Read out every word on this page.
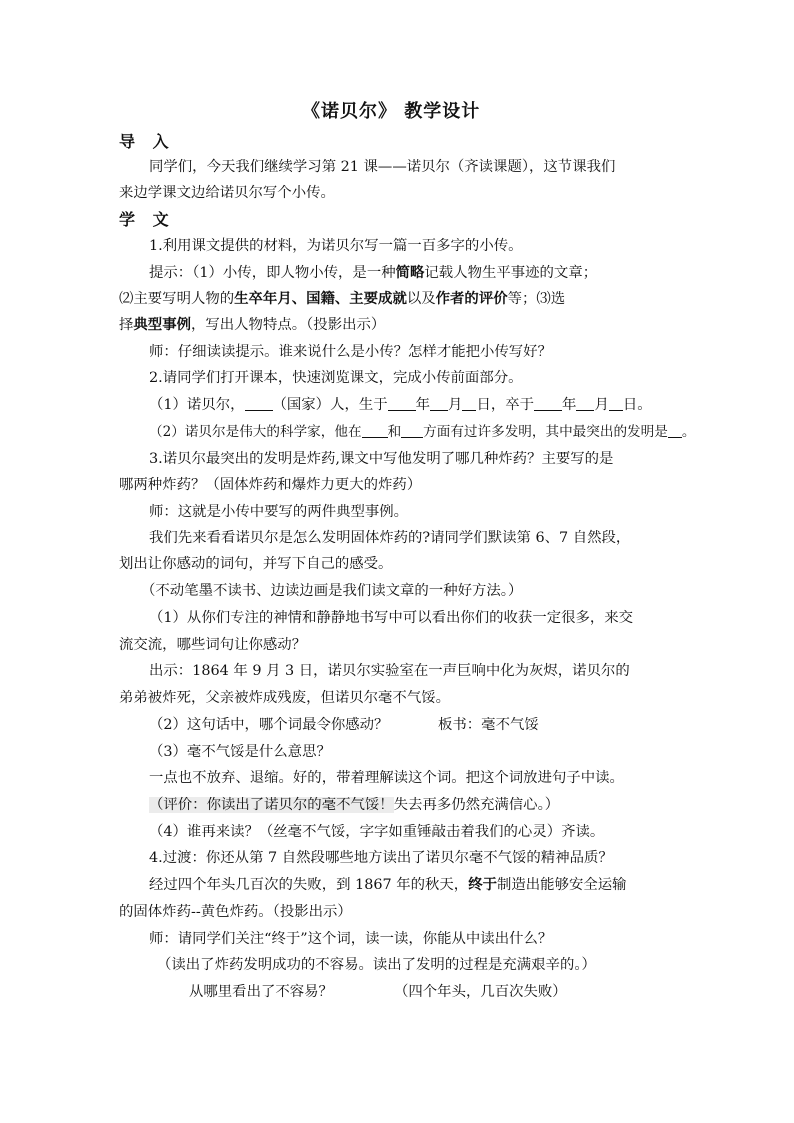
《诺贝尔》 教学设计
导 入
同学们，今天我们继续学习第 21 课——诺贝尔（齐读课题），这节课我们
来边学课文边给诺贝尔写个小传。
学 文
1.利用课文提供的材料，为诺贝尔写一篇一百多字的小传。
提示：（1）小传，即人物小传，是一种简略记载人物生平事迹的文章；
⑵主要写明人物的生卒年月、国籍、主要成就以及作者的评价等；⑶选
择典型事例，写出人物特点。（投影出示）
师：仔细读读提示。谁来说什么是小传？怎样才能把小传写好？
2.请同学们打开课本，快速浏览课文，完成小传前面部分。
（1）诺贝尔， （国家）人，生于 年 月 日，卒于 年 月 日。
（2）诺贝尔是伟大的科学家，他在 和 方面有过许多发明，其中最突出的发明是 。
3.诺贝尔最突出的发明是炸药,课文中写他发明了哪几种炸药？主要写的是
哪两种炸药？（固体炸药和爆炸力更大的炸药）
师：这就是小传中要写的两件典型事例。
我们先来看看诺贝尔是怎么发明固体炸药的?请同学们默读第 6、7 自然段，
划出让你感动的词句，并写下自己的感受。
（不动笔墨不读书、边读边画是我们读文章的一种好方法。）
（1）从你们专注的神情和静静地书写中可以看出你们的收获一定很多，来交
流交流，哪些词句让你感动？
出示：1864 年 9 月 3 日，诺贝尔实验室在一声巨响中化为灰烬，诺贝尔的
弟弟被炸死，父亲被炸成残废，但诺贝尔毫不气馁。
（2）这句话中，哪个词最令你感动？	板书：毫不气馁
（3）毫不气馁是什么意思？
一点也不放弃、退缩。好的，带着理解读这个词。把这个词放进句子中读。
（评价：你读出了诺贝尔的毫不气馁！失去再多仍然充满信心。）
（4）谁再来读？（丝毫不气馁，字字如重锤敲击着我们的心灵）齐读。
4.过渡：你还从第 7 自然段哪些地方读出了诺贝尔毫不气馁的精神品质？
经过四个年头几百次的失败，到 1867 年的秋天，终于制造出能够安全运输
的固体炸药--黄色炸药。（投影出示）
师：请同学们关注“终于”这个词，读一读，你能从中读出什么？
（读出了炸药发明成功的不容易。读出了发明的过程是充满艰辛的。）
从哪里看出了不容易？	（四个年头，几百次失败）
